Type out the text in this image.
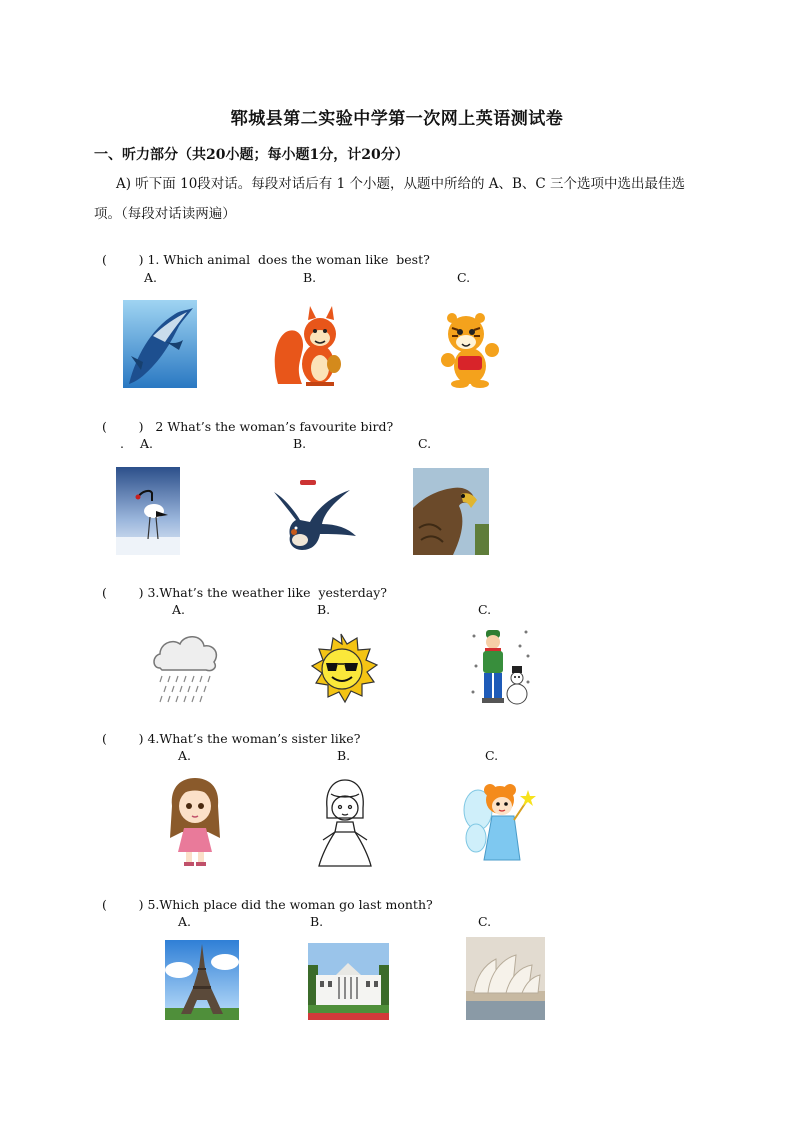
郓城县第二实验中学第一次网上英语测试卷
一、听力部分（共20小题；每小题1分，计20分）
A) 听下面 10段对话。每段对话后有 1 个小题，从题中所给的 A、B、C 三个选项中选出最佳选
项。（每段对话读两遍）

(        ) 1. Which animal  does the woman like  best?

A.	B.	C.

(        ) 2 What’s the woman’s favourite bird?

. A.	B.	C.

(        ) 3.What’s the weather like  yesterday?

A.	B.	C.

(        ) 4.What’s the woman’s sister like?

A.	B.	C.

(        ) 5.Which place did the woman go last month?

A.	B.	C.
